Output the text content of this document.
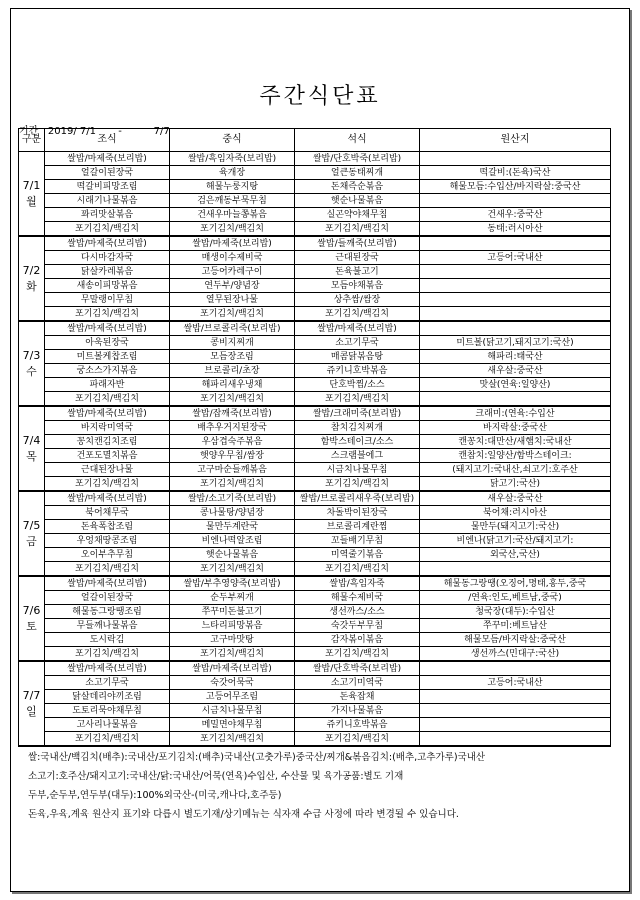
주간식단표
기간 2019/ 7/1       -          7/7
구분	조식	중식	석식	원산지
7/1
월	쌀밥/마제죽(보리밥)	쌀밥/흑임자죽(보리밥)	쌀밥/단호박죽(보리밥)	
	얼갈이된장국	육개장	얼큰동태찌개	떡갈비:(돈육)국산
	떡갈비피망조림	해물누룽지탕	돈채즉순볶음	해물모듬:수입산/바지락살:중국산
	시래기나물볶음	검은깨동부묵무침	햇순나물볶음	
	꽈리맛살볶음	건새우마늘쫑볶음	실곤약야채무침	건새우:중국산
	포기김치/백김치	포기김치/백김치	포기김치/백김치	동태:러시아산
7/2
화	쌀밥/마제죽(보리밥)	쌀밥/마제죽(보리밥)	쌀밥/들깨죽(보리밥)	
	다시마감자국	매생이수제비국	근대된장국	고등어:국내산
	닭살카레볶음	고등어카레구이	돈육불고기	
	새송이피망볶음	연두부/양념장	모듬야채볶음	
	무말랭이무침	열무된장나물	상추쌈/쌈장	
	포기김치/백김치	포기김치/백김치	포기김치/백김치	
7/3
수	쌀밥/마제죽(보리밥)	쌀밥/브로콜리죽(보리밥)	쌀밥/마제죽(보리밥)	
	아욱된장국	콩비지찌개	소고기무국	미트볼(닭고기,돼지고기:국산)
	미트볼케찹조림	모듬장조림	매콤닭볶음탕	해파리:태국산
	궁소스가지볶음	브로콜리/초장	쥬키니호박볶음	새우살:중국산
	파래자반	해파리새우냉채	단호박찜/소스	맛살(연육:일양산)
	포기김치/백김치	포기김치/백김치	포기김치/백김치	
7/4
목	쌀밥/마제죽(보리밥)	쌀밥/잡깨죽(보리밥)	쌀밥/크래미죽(보리밥)	크래미:(연육:수입산
	바지락미역국	배추우거지된장국	참치김치찌개	바지락살:중국산
	꽁치캔김치조림	우삼겹숙주볶음	함박스테이크/소스	캔꽁치:대만산/새햄치:국내산
	건포도멸치볶음	햇양우무침/쌈장	스크램블에그	캔참치:일양산/함박스테이크:
	근대된장나물	고구마순들깨볶음	시금치나물무침	(돼지고기:국내산,쇠고기:호주산
	포기김치/백김치	포기김치/백김치	포기김치/백김치	닭고기:국산)
7/5
금	쌀밥/마제죽(보리밥)	쌀밥/소고기죽(보리밥)	쌀밥/브로콜리새우죽(보리밥)	새우살:중국산
	북어채무국	콩나물탕/양념장	차돌박이된장국	북어채:러시아산
	돈육폭찹조림	물만두계란국	브로콜리계란찜	물만두(돼지고기:국산)
	우엉채땅콩조림	비엔나떡알조림	꼬들배기무침	비엔나(닭고기:국산/돼지고기:
	오이부추무침	햇순나물볶음	미역줄기볶음	외국산,국산)
	포기김치/백김치	포기김치/백김치	포기김치/백김치	
7/6
토	쌀밥/마제죽(보리밥)	쌀밥/부추영양죽(보리밥)	쌀밥/흑임자죽	해물동그랑땡(오징어,명태,홍두,중국
	얼갈이된장국	순두부찌개	해물수제비국	/연육:인도,베트남,중국)
	해물동그랑땡조림	쭈꾸미돈불고기	생선까스/소스	청국장(대두):수입산
	무들깨나물볶음	느타리피망볶음	숙갓두부무침	쭈꾸미:베트남산
	도시락김	고구마맛탕	감자볶이볶음	해물모듬/바지락살:중국산
	포기김치/백김치	포기김치/백김치	포기김치/백김치	생선까스(민대구:국산)
7/7
일	쌀밥/마제죽(보리밥)	쌀밥/마제죽(보리밥)	쌀밥/단호박죽(보리밥)	
	소고기무국	숙갓어묵국	소고기미역국	고등어:국내산
	닭살데리야끼조림	고등어무조림	돈육잡채	
	도토리묵야채무침	시금치나물무침	가지나물볶음	
	고사리나물볶음	메밀면야채무침	쥬키니호박볶음	
	포기김치/백김치	포기김치/백김치	포기김치/백김치	
쌀:국내산/백김치(배추):국내산/포기김치:(배추)국내산(고춧가루)중국산/찌개&볶음김치:(배추,고추가루)국내산
소고기:호주산/돼지고기:국내산/닭:국내산/어묵(연육)수입산, 수산물 및 육가공품:별도 기재
두부,순두부,연두부(대두):100%외국산-(미국,캐나다,호주등)
돈육,우육,계육 원산지 표기와 다릅시 별도기재/상기메뉴는 식자재 수급 사정에 따라 변경될 수 있습니다.
